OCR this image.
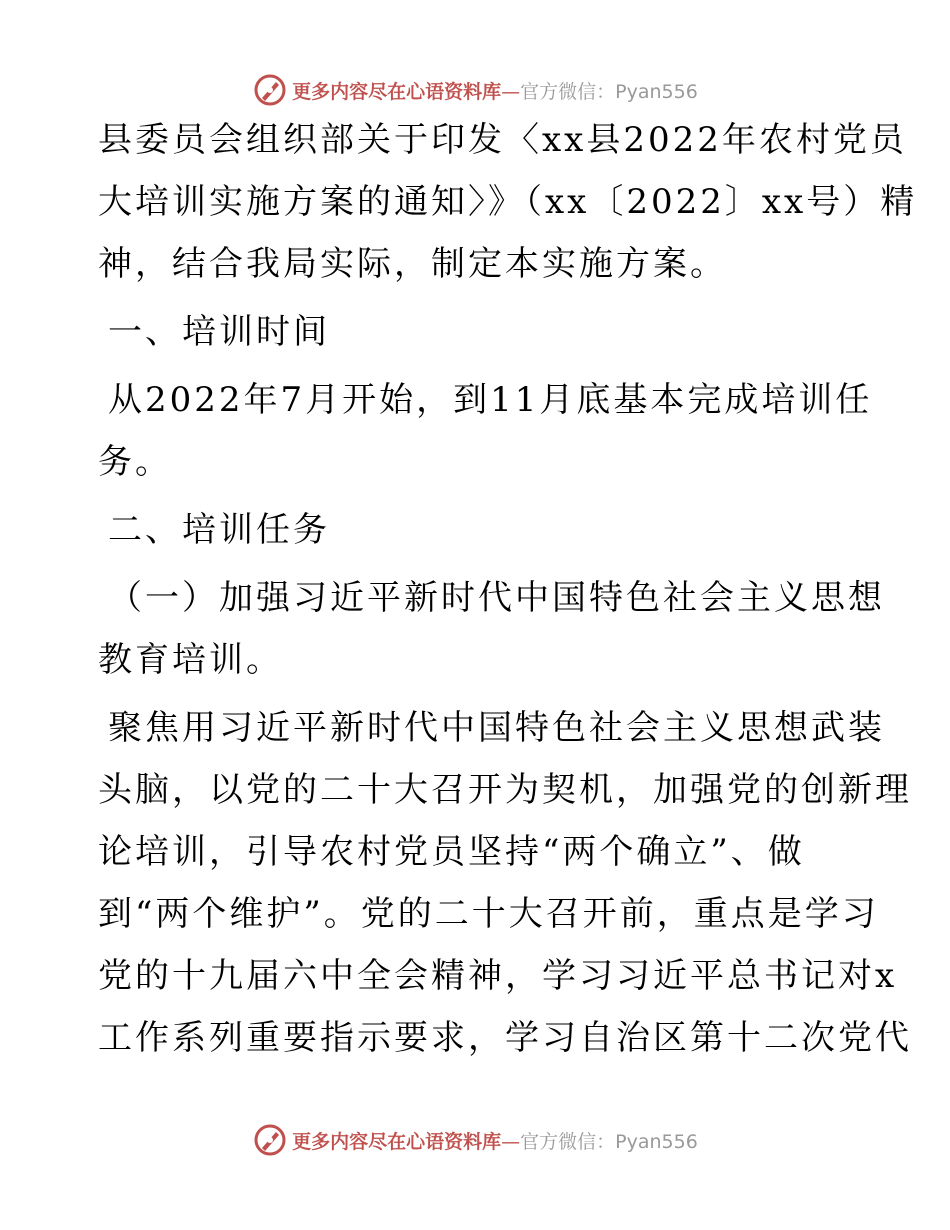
更多内容尽在心语资料库—官方微信：Pyan556
县委员会组织部关于印发〈xx县2022年农村党员
大培训实施方案的通知〉》（xx〔2022〕xx号）精
神，结合我局实际，制定本实施方案。
一、培训时间
从2022年7月开始，到11月底基本完成培训任
务。
二、培训任务
（一）加强习近平新时代中国特色社会主义思想
教育培训。
聚焦用习近平新时代中国特色社会主义思想武装
头脑，以党的二十大召开为契机，加强党的创新理
论培训，引导农村党员坚持“两个确立”、做
到“两个维护”。党的二十大召开前，重点是学习
党的十九届六中全会精神，学习习近平总书记对x
工作系列重要指示要求，学习自治区第十二次党代
更多内容尽在心语资料库—官方微信：Pyan556
